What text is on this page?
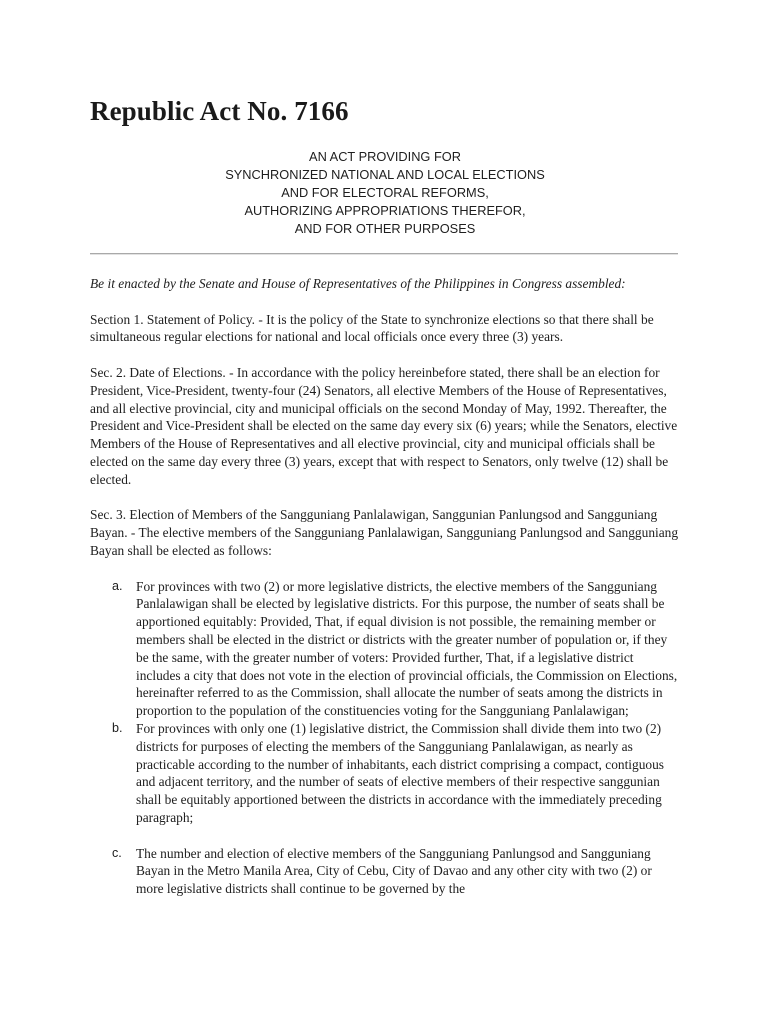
Republic Act No. 7166
AN ACT PROVIDING FOR
SYNCHRONIZED NATIONAL AND LOCAL ELECTIONS
AND FOR ELECTORAL REFORMS,
AUTHORIZING APPROPRIATIONS THEREFOR,
AND FOR OTHER PURPOSES

Be it enacted by the Senate and House of Representatives of the Philippines in Congress assembled:

Section 1. Statement of Policy. - It is the policy of the State to synchronize elections so that there shall be simultaneous regular elections for national and local officials once every three (3) years.

Sec. 2. Date of Elections. - In accordance with the policy hereinbefore stated, there shall be an election for President, Vice-President, twenty-four (24) Senators, all elective Members of the House of Representatives, and all elective provincial, city and municipal officials on the second Monday of May, 1992. Thereafter, the President and Vice-President shall be elected on the same day every six (6) years; while the Senators, elective Members of the House of Representatives and all elective provincial, city and municipal officials shall be elected on the same day every three (3) years, except that with respect to Senators, only twelve (12) shall be elected.

Sec. 3. Election of Members of the Sangguniang Panlalawigan, Sanggunian Panlungsod and Sangguniang Bayan. - The elective members of the Sangguniang Panlalawigan, Sangguniang Panlungsod and Sangguniang Bayan shall be elected as follows:

a. For provinces with two (2) or more legislative districts, the elective members of the Sangguniang Panlalawigan shall be elected by legislative districts. For this purpose, the number of seats shall be apportioned equitably: Provided, That, if equal division is not possible, the remaining member or members shall be elected in the district or districts with the greater number of population or, if they be the same, with the greater number of voters: Provided further, That, if a legislative district includes a city that does not vote in the election of provincial officials, the Commission on Elections, hereinafter referred to as the Commission, shall allocate the number of seats among the districts in proportion to the population of the constituencies voting for the Sangguniang Panlalawigan;
b. For provinces with only one (1) legislative district, the Commission shall divide them into two (2) districts for purposes of electing the members of the Sangguniang Panlalawigan, as nearly as practicable according to the number of inhabitants, each district comprising a compact, contiguous and adjacent territory, and the number of seats of elective members of their respective sanggunian shall be equitably apportioned between the districts in accordance with the immediately preceding paragraph;
c. The number and election of elective members of the Sangguniang Panlungsod and Sangguniang Bayan in the Metro Manila Area, City of Cebu, City of Davao and any other city with two (2) or more legislative districts shall continue to be governed by the
